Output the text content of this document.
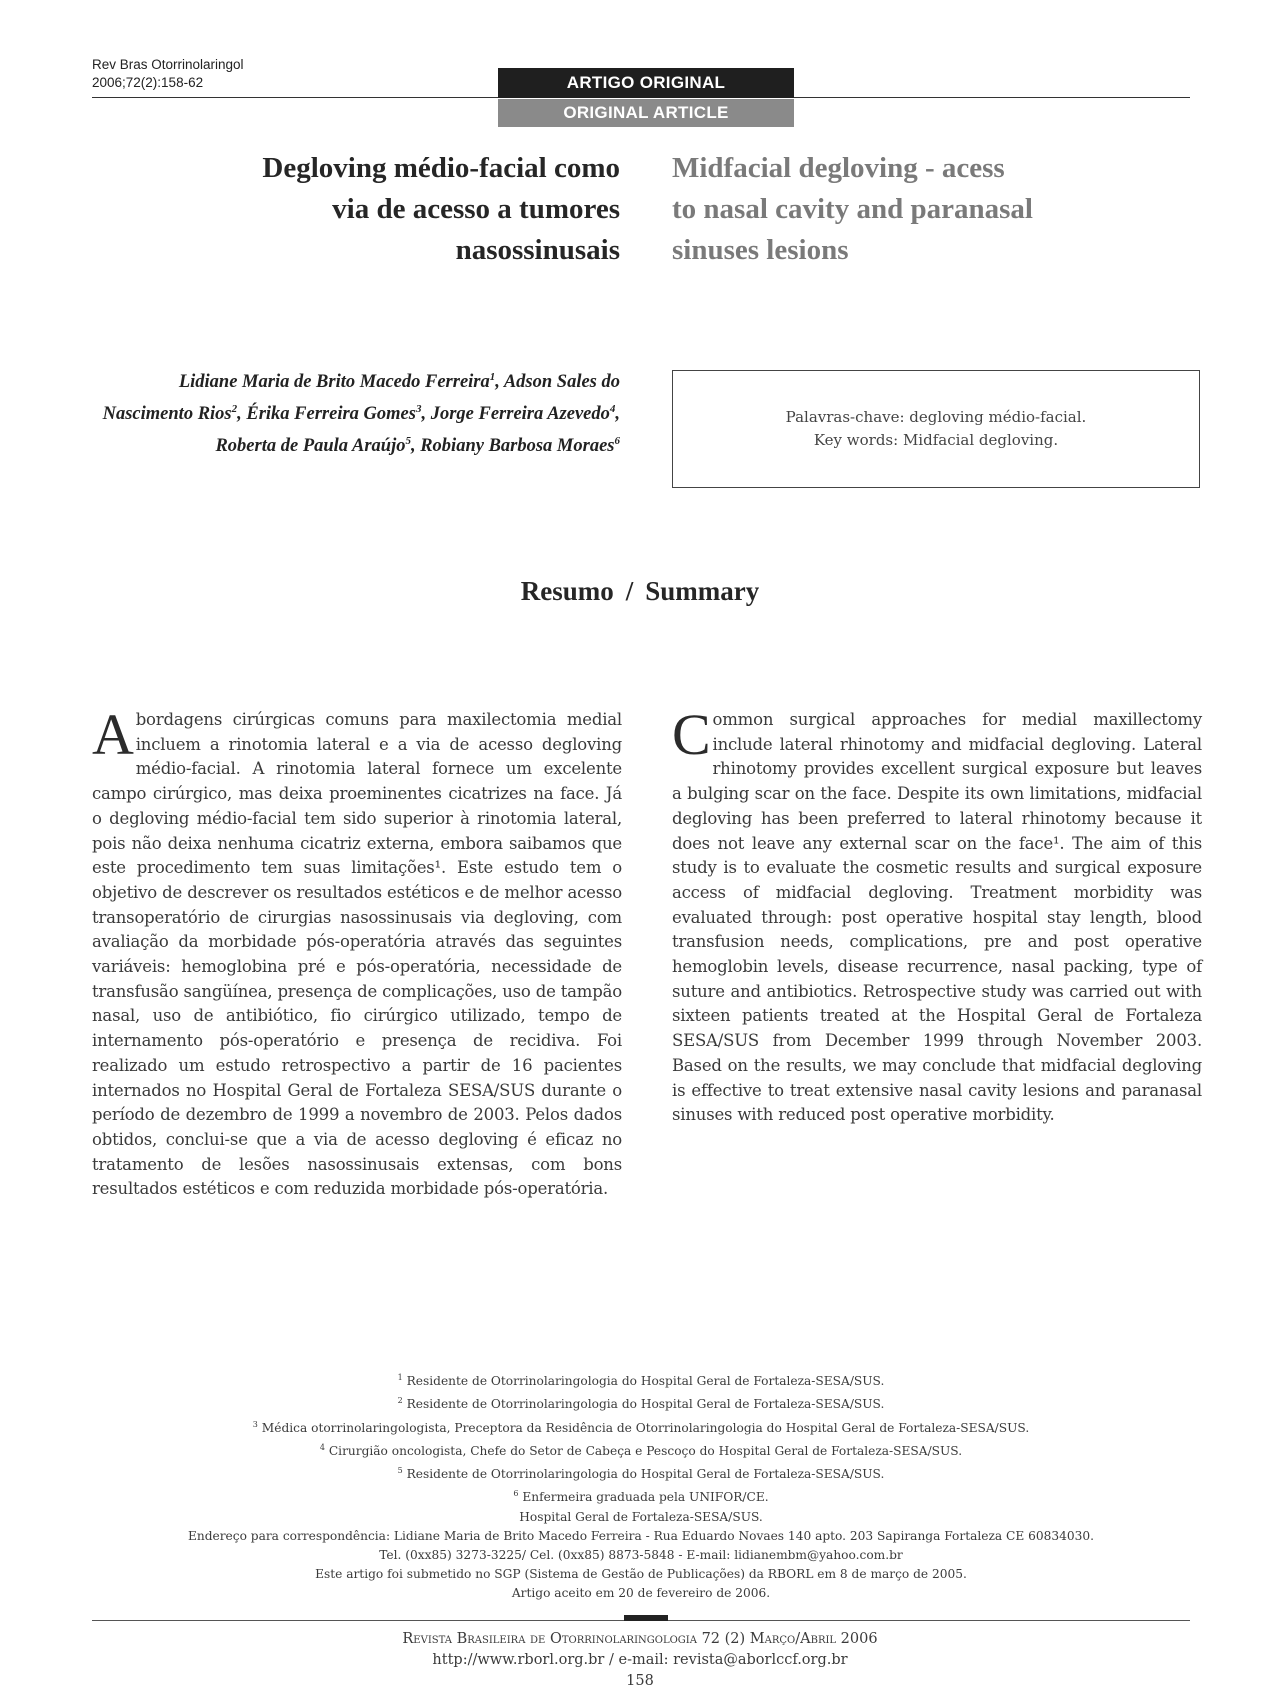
Rev Bras Otorrinolaringol
2006;72(2):158-62	ARTIGO ORIGINAL
ORIGINAL ARTICLE
Degloving médio-facial como
via de acesso a tumores
nasossinusais
Midfacial degloving - acess
to nasal cavity and paranasal
sinuses lesions
Lidiane Maria de Brito Macedo Ferreira$^1$, Adson Sales do Nascimento Rios$^2$, Érika Ferreira Gomes$^3$, Jorge Ferreira Azevedo$^4$, Roberta de Paula Araújo$^5$, Robiany Barbosa Moraes$^6$
Palavras-chave: degloving médio-facial.
Key words: Midfacial degloving.
Resumo / Summary
Abordagens cirúrgicas comuns para maxilectomia medial incluem a rinotomia lateral e a via de acesso degloving médio-facial. A rinotomia lateral fornece um excelente campo cirúrgico, mas deixa proeminentes cicatrizes na face. Já o degloving médio-facial tem sido superior à rinotomia lateral, pois não deixa nenhuma cicatriz externa, embora saibamos que este procedimento tem suas limitações¹. Este estudo tem o objetivo de descrever os resultados estéticos e de melhor acesso transoperatório de cirurgias nasossinusais via degloving, com avaliação da morbidade pós-operatória através das seguintes variáveis: hemoglobina pré e pós-operatória, necessidade de transfusão sangüínea, presença de complicações, uso de tampão nasal, uso de antibiótico, fio cirúrgico utilizado, tempo de internamento pós-operatório e presença de recidiva. Foi realizado um estudo retrospectivo a partir de 16 pacientes internados no Hospital Geral de Fortaleza SESA/SUS durante o período de dezembro de 1999 a novembro de 2003. Pelos dados obtidos, conclui-se que a via de acesso degloving é eficaz no tratamento de lesões nasossinusais extensas, com bons resultados estéticos e com reduzida morbidade pós-operatória.
Common surgical approaches for medial maxillectomy include lateral rhinotomy and midfacial degloving. Lateral rhinotomy provides excellent surgical exposure but leaves a bulging scar on the face. Despite its own limitations, midfacial degloving has been preferred to lateral rhinotomy because it does not leave any external scar on the face¹. The aim of this study is to evaluate the cosmetic results and surgical exposure access of midfacial degloving. Treatment morbidity was evaluated through: post operative hospital stay length, blood transfusion needs, complications, pre and post operative hemoglobin levels, disease recurrence, nasal packing, type of suture and antibiotics. Retrospective study was carried out with sixteen patients treated at the Hospital Geral de Fortaleza SESA/SUS from December 1999 through November 2003. Based on the results, we may conclude that midfacial degloving is effective to treat extensive nasal cavity lesions and paranasal sinuses with reduced post operative morbidity.
$^1$ Residente de Otorrinolaringologia do Hospital Geral de Fortaleza-SESA/SUS.
$^2$ Residente de Otorrinolaringologia do Hospital Geral de Fortaleza-SESA/SUS.
$^3$ Médica otorrinolaringologista, Preceptora da Residência de Otorrinolaringologia do Hospital Geral de Fortaleza-SESA/SUS.
$^4$ Cirurgião oncologista, Chefe do Setor de Cabeça e Pescoço do Hospital Geral de Fortaleza-SESA/SUS.
$^5$ Residente de Otorrinolaringologia do Hospital Geral de Fortaleza-SESA/SUS.
$^6$ Enfermeira graduada pela UNIFOR/CE.
Hospital Geral de Fortaleza-SESA/SUS.
Endereço para correspondência: Lidiane Maria de Brito Macedo Ferreira - Rua Eduardo Novaes 140 apto. 203 Sapiranga Fortaleza CE 60834030.
Tel. (0xx85) 3273-3225/ Cel. (0xx85) 8873-5848 - E-mail: lidianembm@yahoo.com.br
Este artigo foi submetido no SGP (Sistema de Gestão de Publicações) da RBORL em 8 de março de 2005.
Artigo aceito em 20 de fevereiro de 2006.
Revista Brasileira de Otorrinolaringologia 72 (2) Março/Abril 2006
http://www.rborl.org.br / e-mail: revista@aborlccf.org.br
158
